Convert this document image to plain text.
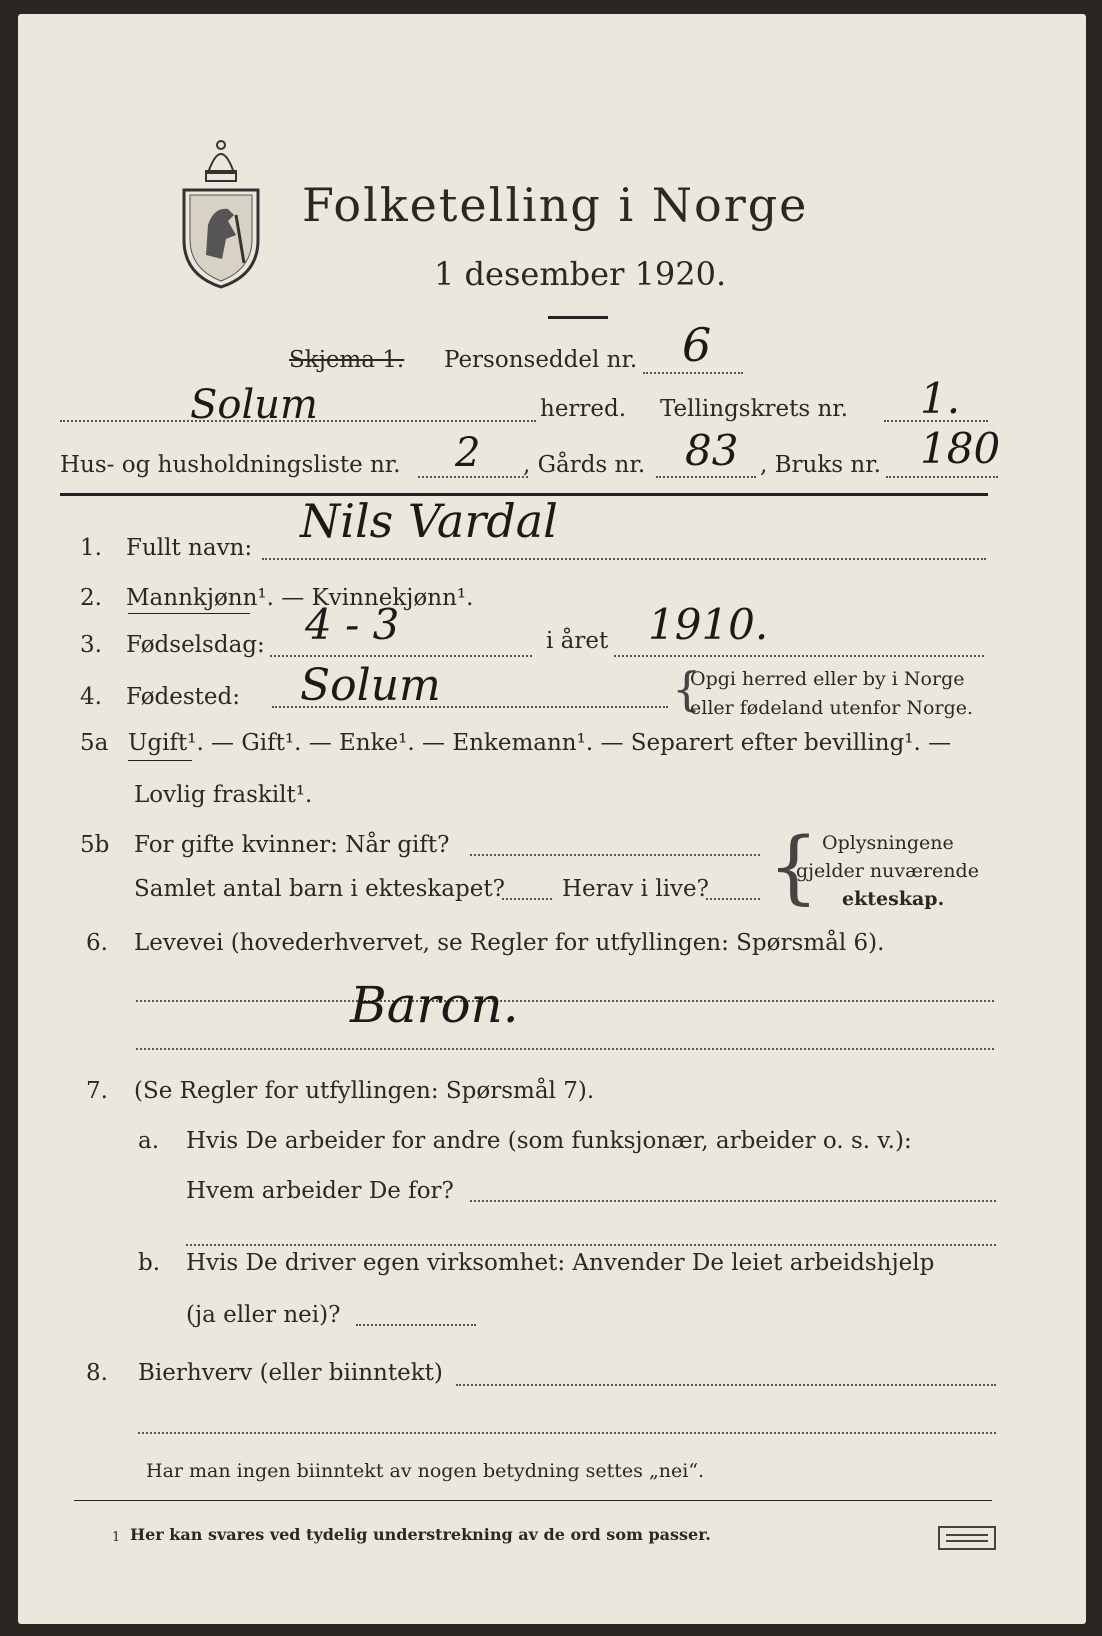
Folketelling i Norge
1 desember 1920.
Skjema 1. Personseddel nr. 6
Solum	herred. Tellingskrets nr. 1.
Hus- og husholdningsliste nr. 2 , Gårds nr. 83 , Bruks nr. 180
1. Fullt navn: Nils Vardal
2. Mannkjønn¹. — Kvinnekjønn¹.
3. Fødselsdag: 4 - 3	i året 1910.
4. Fødested: Solum	{
Opgi herred eller by i Norge
eller fødeland utenfor Norge.
5a Ugift¹. — Gift¹. — Enke¹. — Enkemann¹. — Separert efter bevilling¹. —
Lovlig fraskilt¹.
5b For gifte kvinner: Når gift?
Samlet antal barn i ekteskapet? Herav i live? { Oplysningene
gjelder nuværende
ekteskap.
6. Levevei (hovederhvervet, se Regler for utfyllingen: Spørsmål 6).
Baron.
7. (Se Regler for utfyllingen: Spørsmål 7).
a. Hvis De arbeider for andre (som funksjonær, arbeider o. s. v.):
Hvem arbeider De for?
b. Hvis De driver egen virksomhet: Anvender De leiet arbeidshjelp
(ja eller nei)?
8. Bierhverv (eller biinntekt)
Har man ingen biinntekt av nogen betydning settes „nei“.
1 Her kan svares ved tydelig understrekning av de ord som passer.
